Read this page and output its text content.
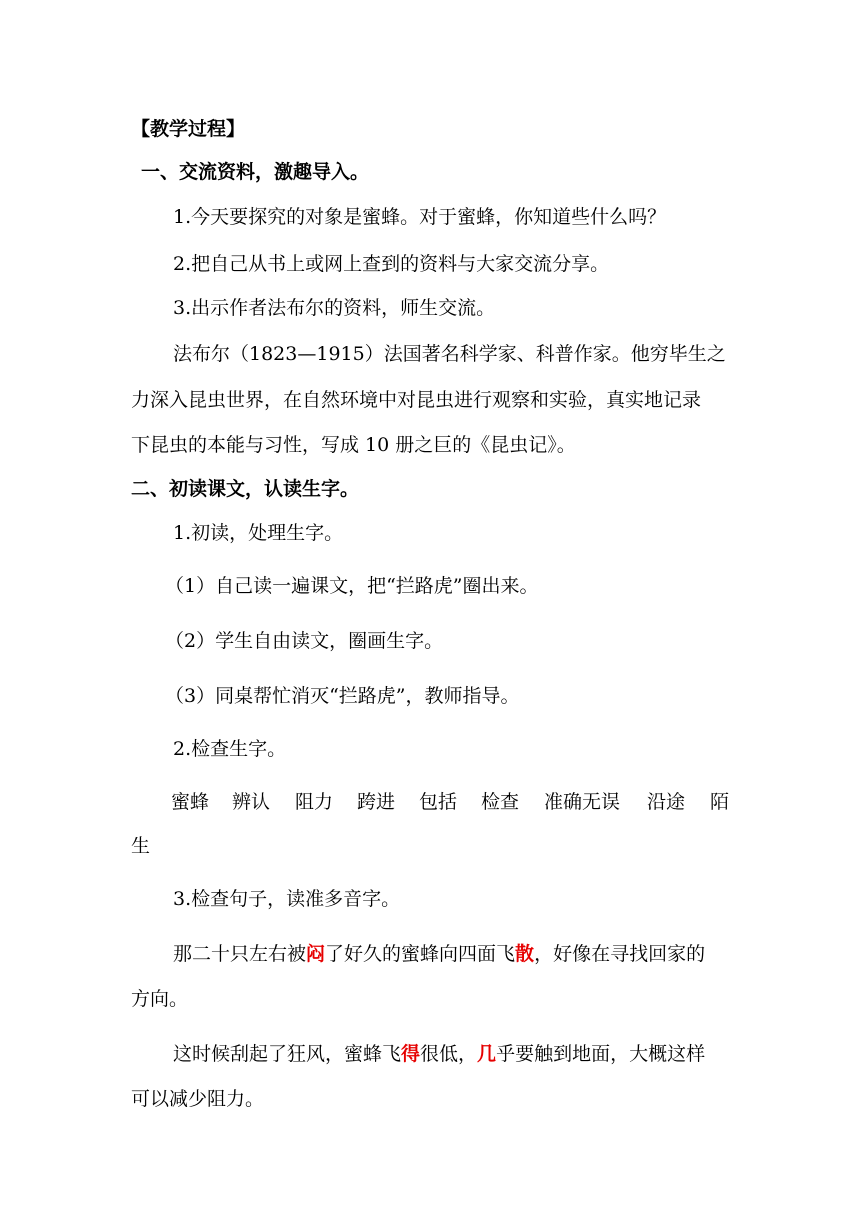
【教学过程】
一、交流资料，激趣导入。
1.今天要探究的对象是蜜蜂。对于蜜蜂，你知道些什么吗？
2.把自己从书上或网上查到的资料与大家交流分享。
3.出示作者法布尔的资料，师生交流。
法布尔（1823—1915）法国著名科学家、科普作家。他穷毕生之
力深入昆虫世界，在自然环境中对昆虫进行观察和实验，真实地记录
下昆虫的本能与习性，写成 10 册之巨的《昆虫记》。
二、初读课文，认读生字。
1.初读，处理生字。
（1）自己读一遍课文，把“拦路虎”圈出来。
（2）学生自由读文，圈画生字。
（3）同桌帮忙消灭“拦路虎”，教师指导。
2.检查生字。
蜜蜂 辨认 阻力 跨进 包括 检查 准确无误 沿途 陌
生
3.检查句子，读准多音字。
那二十只左右被闷了好久的蜜蜂向四面飞散，好像在寻找回家的
方向。
这时候刮起了狂风，蜜蜂飞得很低，几乎要触到地面，大概这样
可以减少阻力。
